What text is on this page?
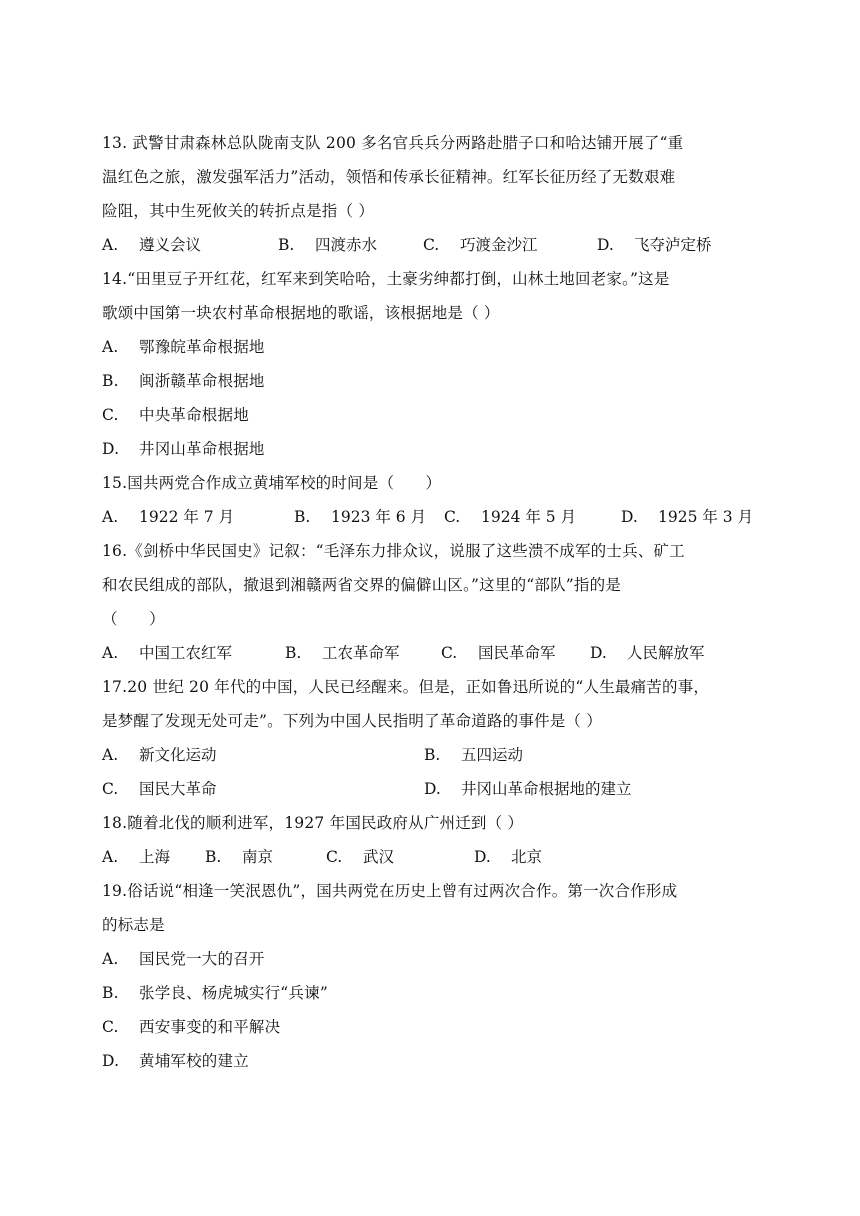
13. 武警甘肃森林总队陇南支队 200 多名官兵兵分两路赴腊子口和哈达铺开展了“重
温红色之旅，激发强军活力”活动，领悟和传承长征精神。红军长征历经了无数艰难
险阻，其中生死攸关的转折点是指（ ）
A. 遵义会议	B. 四渡赤水	C. 巧渡金沙江	D. 飞夺泸定桥
14.“田里豆子开红花，红军来到笑哈哈，土豪劣绅都打倒，山林土地回老家。”这是
歌颂中国第一块农村革命根据地的歌谣，该根据地是（ ）
A. 鄂豫皖革命根据地
B. 闽浙赣革命根据地
C. 中央革命根据地
D. 井冈山革命根据地
15.国共两党合作成立黄埔军校的时间是（　　）
A. 1922 年 7 月	B. 1923 年 6 月 C. 1924 年 5 月	D. 1925 年 3 月
16.《剑桥中华民国史》记叙：“毛泽东力排众议，说服了这些溃不成军的士兵、矿工
和农民组成的部队，撤退到湘赣两省交界的偏僻山区。”这里的“部队”指的是
（　　）
A. 中国工农红军	B. 工农革命军	C. 国民革命军 D. 人民解放军
17.20 世纪 20 年代的中国，人民已经醒来。但是，正如鲁迅所说的“人生最痛苦的事，
是梦醒了发现无处可走”。下列为中国人民指明了革命道路的事件是（ ）
A. 新文化运动	B. 五四运动
C. 国民大革命	D. 井冈山革命根据地的建立
18.随着北伐的顺利进军，1927 年国民政府从广州迁到（ ）
A. 上海 B. 南京	C. 武汉	D. 北京
19.俗话说“相逢一笑泯恩仇”，国共两党在历史上曾有过两次合作。第一次合作形成
的标志是
A. 国民党一大的召开
B. 张学良、杨虎城实行“兵谏”
C. 西安事变的和平解决
D. 黄埔军校的建立
